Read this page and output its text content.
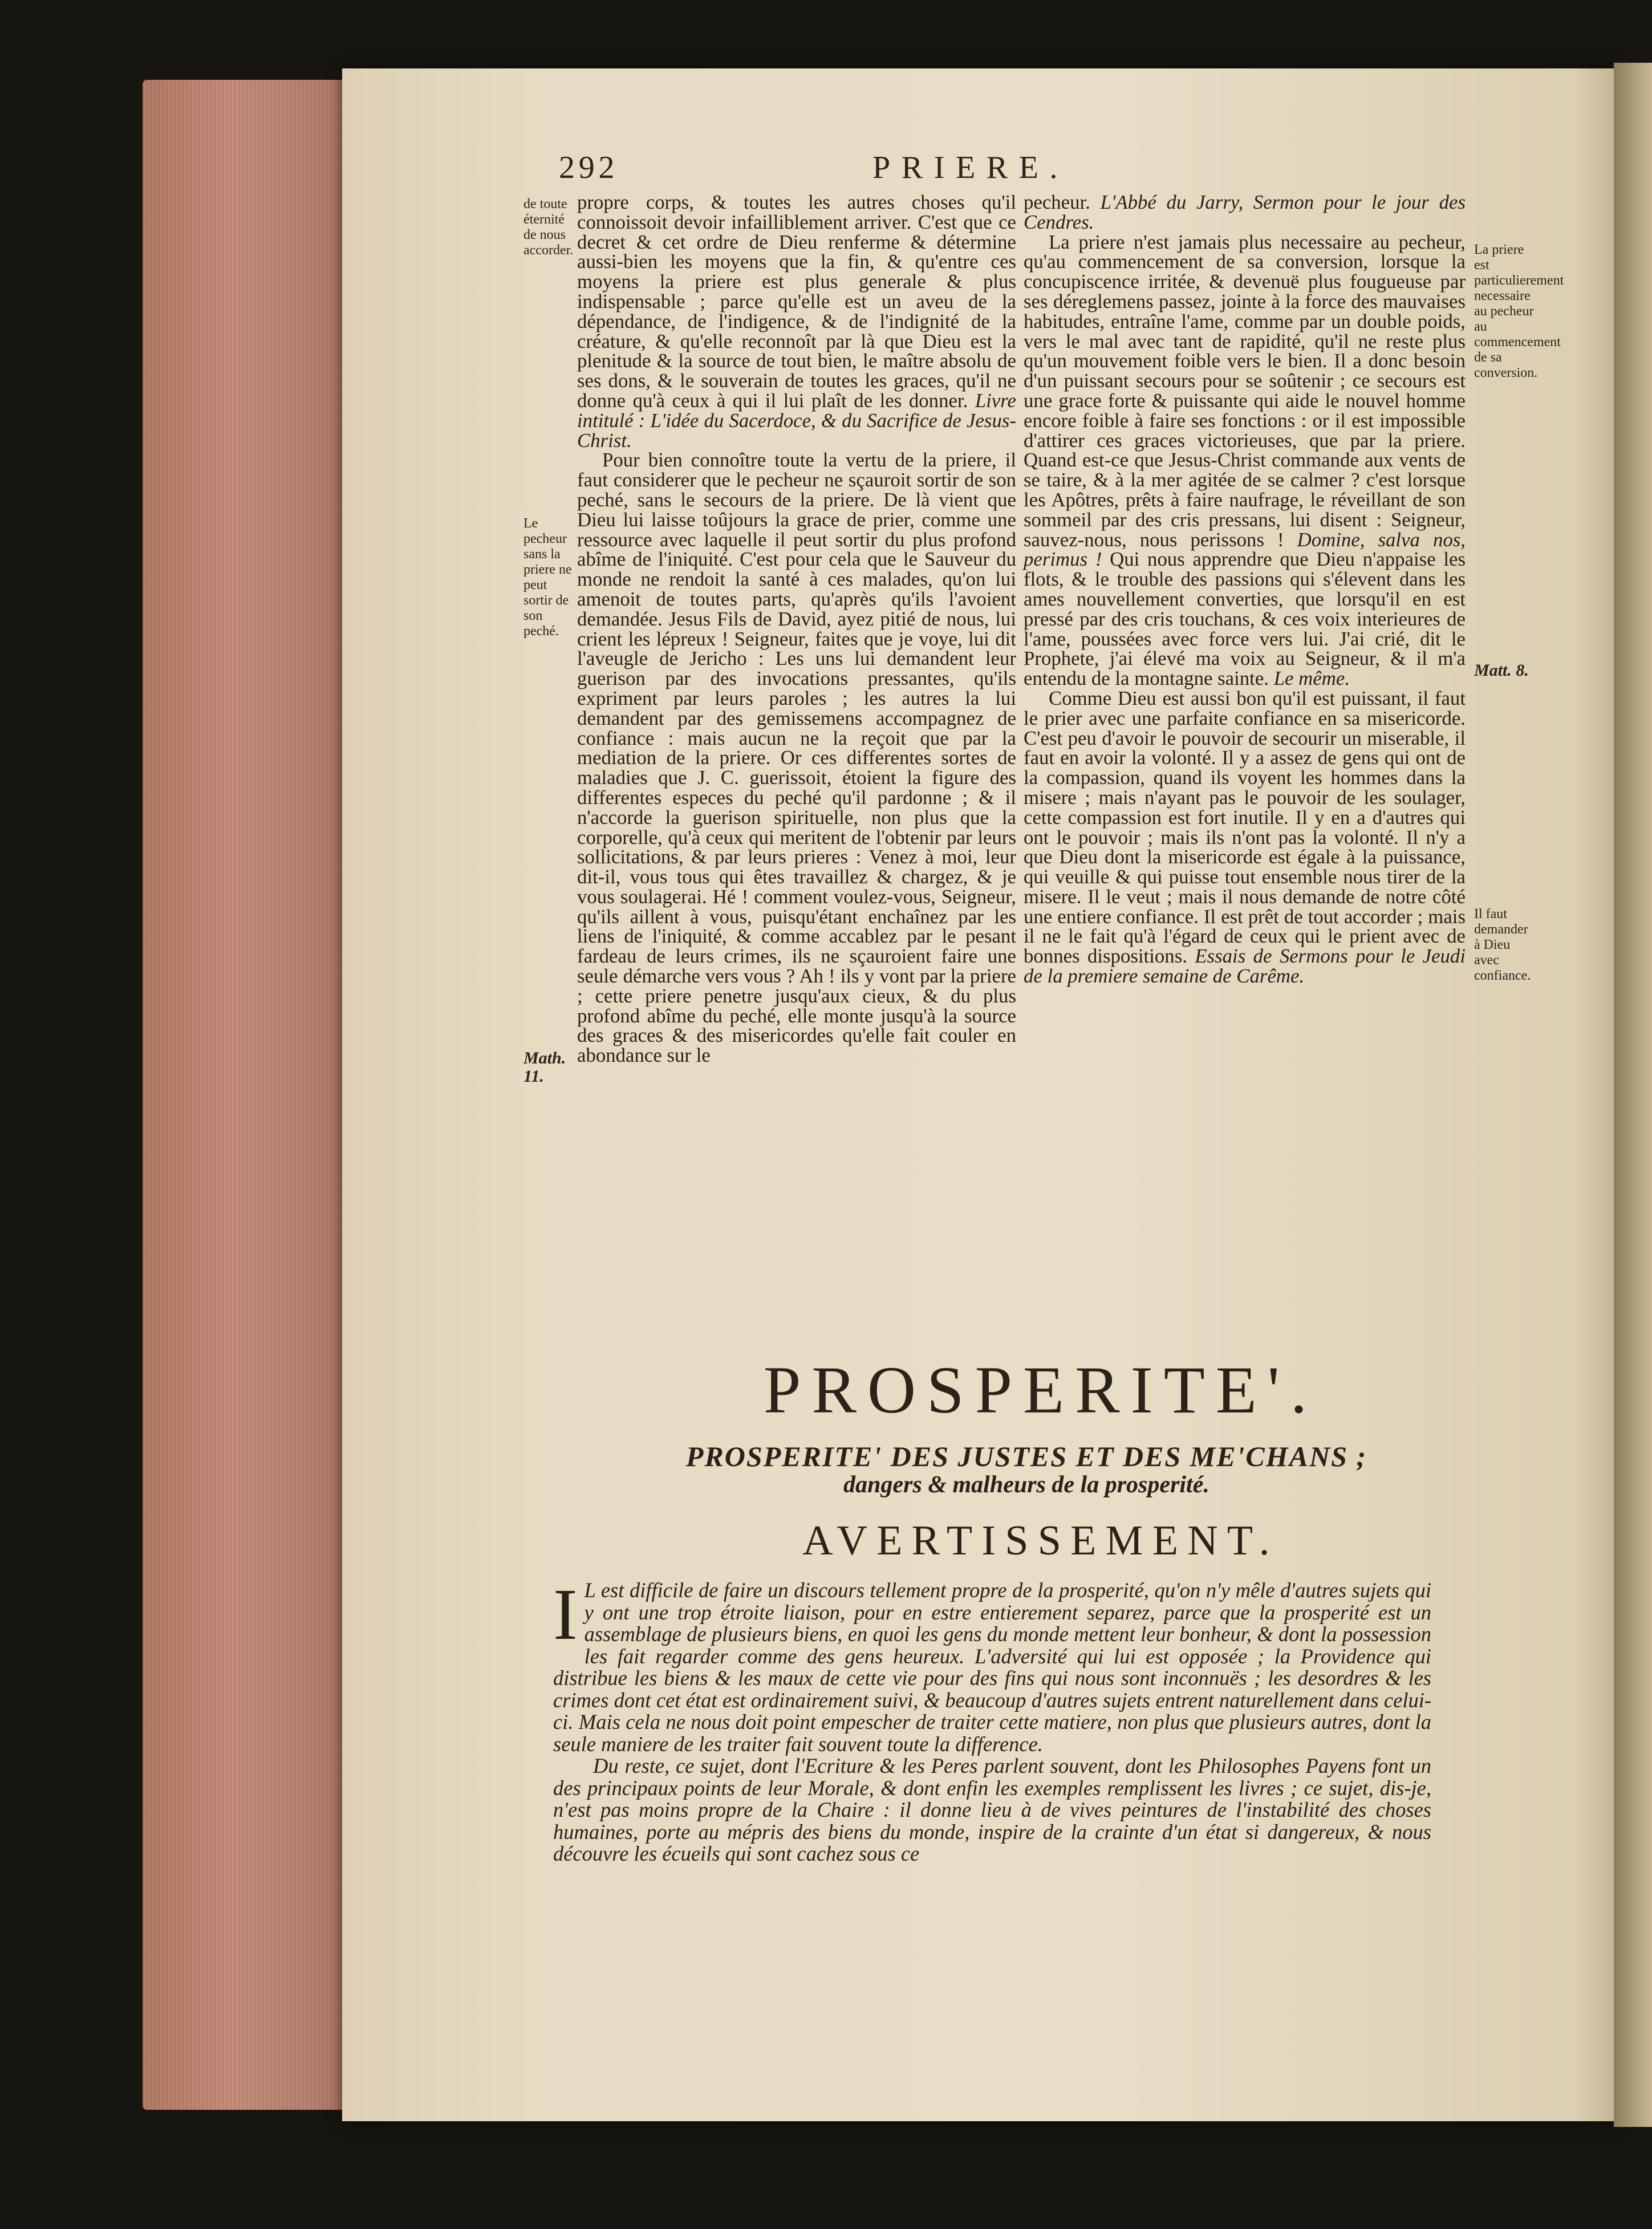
292	PRIERE.
de toute éternité de nous accorder.
Le pecheur sans la priere ne peut sortir de son peché.
Math. 11.
La priere est particulierement necessaire au pecheur au commencement de sa conversion.
Matt. 8.
Il faut demander à Dieu avec confiance.

propre corps, & toutes les autres choses qu'il connoissoit devoir infailliblement arriver. C'est que ce decret & cet ordre de Dieu renferme & détermine aussi-bien les moyens que la fin, & qu'entre ces moyens la priere est plus generale & plus indispensable ; parce qu'elle est un aveu de la dépendance, de l'indigence, & de l'indignité de la créature, & qu'elle reconnoît par là que Dieu est la plenitude & la source de tout bien, le maître absolu de ses dons, & le souverain de toutes les graces, qu'il ne donne qu'à ceux à qui il lui plaît de les donner. Livre intitulé : L'idée du Sacerdoce, & du Sacrifice de Jesus-Christ.

Pour bien connoître toute la vertu de la priere, il faut considerer que le pecheur ne sçauroit sortir de son peché, sans le secours de la priere. De là vient que Dieu lui laisse toûjours la grace de prier, comme une ressource avec laquelle il peut sortir du plus profond abîme de l'iniquité. C'est pour cela que le Sauveur du monde ne rendoit la santé à ces malades, qu'on lui amenoit de toutes parts, qu'après qu'ils l'avoient demandée. Jesus Fils de David, ayez pitié de nous, lui crient les lépreux ! Seigneur, faites que je voye, lui dit l'aveugle de Jericho : Les uns lui demandent leur guerison par des invocations pressantes, qu'ils expriment par leurs paroles ; les autres la lui demandent par des gemissemens accompagnez de confiance : mais aucun ne la reçoit que par la mediation de la priere. Or ces differentes sortes de maladies que J. C. guerissoit, étoient la figure des differentes especes du peché qu'il pardonne ; & il n'accorde la guerison spirituelle, non plus que la corporelle, qu'à ceux qui meritent de l'obtenir par leurs sollicitations, & par leurs prieres : Venez à moi, leur dit-il, vous tous qui êtes travaillez & chargez, & je vous soulagerai. Hé ! comment voulez-vous, Seigneur, qu'ils aillent à vous, puisqu'étant enchaînez par les liens de l'iniquité, & comme accablez par le pesant fardeau de leurs crimes, ils ne sçauroient faire une seule démarche vers vous ? Ah ! ils y vont par la priere ; cette priere penetre jusqu'aux cieux, & du plus profond abîme du peché, elle monte jusqu'à la source des graces & des misericordes qu'elle fait couler en abondance sur le

pecheur. L'Abbé du Jarry, Sermon pour le jour des Cendres.

La priere n'est jamais plus necessaire au pecheur, qu'au commencement de sa conversion, lorsque la concupiscence irritée, & devenuë plus fougueuse par ses déreglemens passez, jointe à la force des mauvaises habitudes, entraîne l'ame, comme par un double poids, vers le mal avec tant de rapidité, qu'il ne reste plus qu'un mouvement foible vers le bien. Il a donc besoin d'un puissant secours pour se soûtenir ; ce secours est une grace forte & puissante qui aide le nouvel homme encore foible à faire ses fonctions : or il est impossible d'attirer ces graces victorieuses, que par la priere. Quand est-ce que Jesus-Christ commande aux vents de se taire, & à la mer agitée de se calmer ? c'est lorsque les Apôtres, prêts à faire naufrage, le réveillant de son sommeil par des cris pressans, lui disent : Seigneur, sauvez-nous, nous perissons ! Domine, salva nos, perimus ! Qui nous apprendre que Dieu n'appaise les flots, & le trouble des passions qui s'élevent dans les ames nouvellement converties, que lorsqu'il en est pressé par des cris touchans, & ces voix interieures de l'ame, poussées avec force vers lui. J'ai crié, dit le Prophete, j'ai élevé ma voix au Seigneur, & il m'a entendu de la montagne sainte. Le même.

Comme Dieu est aussi bon qu'il est puissant, il faut le prier avec une parfaite confiance en sa misericorde. C'est peu d'avoir le pouvoir de secourir un miserable, il faut en avoir la volonté. Il y a assez de gens qui ont de la compassion, quand ils voyent les hommes dans la misere ; mais n'ayant pas le pouvoir de les soulager, cette compassion est fort inutile. Il y en a d'autres qui ont le pouvoir ; mais ils n'ont pas la volonté. Il n'y a que Dieu dont la misericorde est égale à la puissance, qui veuille & qui puisse tout ensemble nous tirer de la misere. Il le veut ; mais il nous demande de notre côté une entiere confiance. Il est prêt de tout accorder ; mais il ne le fait qu'à l'égard de ceux qui le prient avec de bonnes dispositions. Essais de Sermons pour le Jeudi de la premiere semaine de Carême.

PROSPERITE'.
PROSPERITE' DES JUSTES ET DES ME'CHANS ;
dangers & malheurs de la prosperité.
AVERTISSEMENT.

I L est difficile de faire un discours tellement propre de la prosperité, qu'on n'y mêle d'autres sujets qui y ont une trop étroite liaison, pour en estre entierement separez, parce que la prosperité est un assemblage de plusieurs biens, en quoi les gens du monde mettent leur bonheur, & dont la possession les fait regarder comme des gens heureux. L'adversité qui lui est opposée ; la Providence qui distribue les biens & les maux de cette vie pour des fins qui nous sont inconnuës ; les desordres & les crimes dont cet état est ordinairement suivi, & beaucoup d'autres sujets entrent naturellement dans celui-ci. Mais cela ne nous doit point empescher de traiter cette matiere, non plus que plusieurs autres, dont la seule maniere de les traiter fait souvent toute la difference.

Du reste, ce sujet, dont l'Ecriture & les Peres parlent souvent, dont les Philosophes Payens font un des principaux points de leur Morale, & dont enfin les exemples remplissent les livres ; ce sujet, dis-je, n'est pas moins propre de la Chaire : il donne lieu à de vives peintures de l'instabilité des choses humaines, porte au mépris des biens du monde, inspire de la crainte d'un état si dangereux, & nous découvre les écueils qui sont cachez sous ce
